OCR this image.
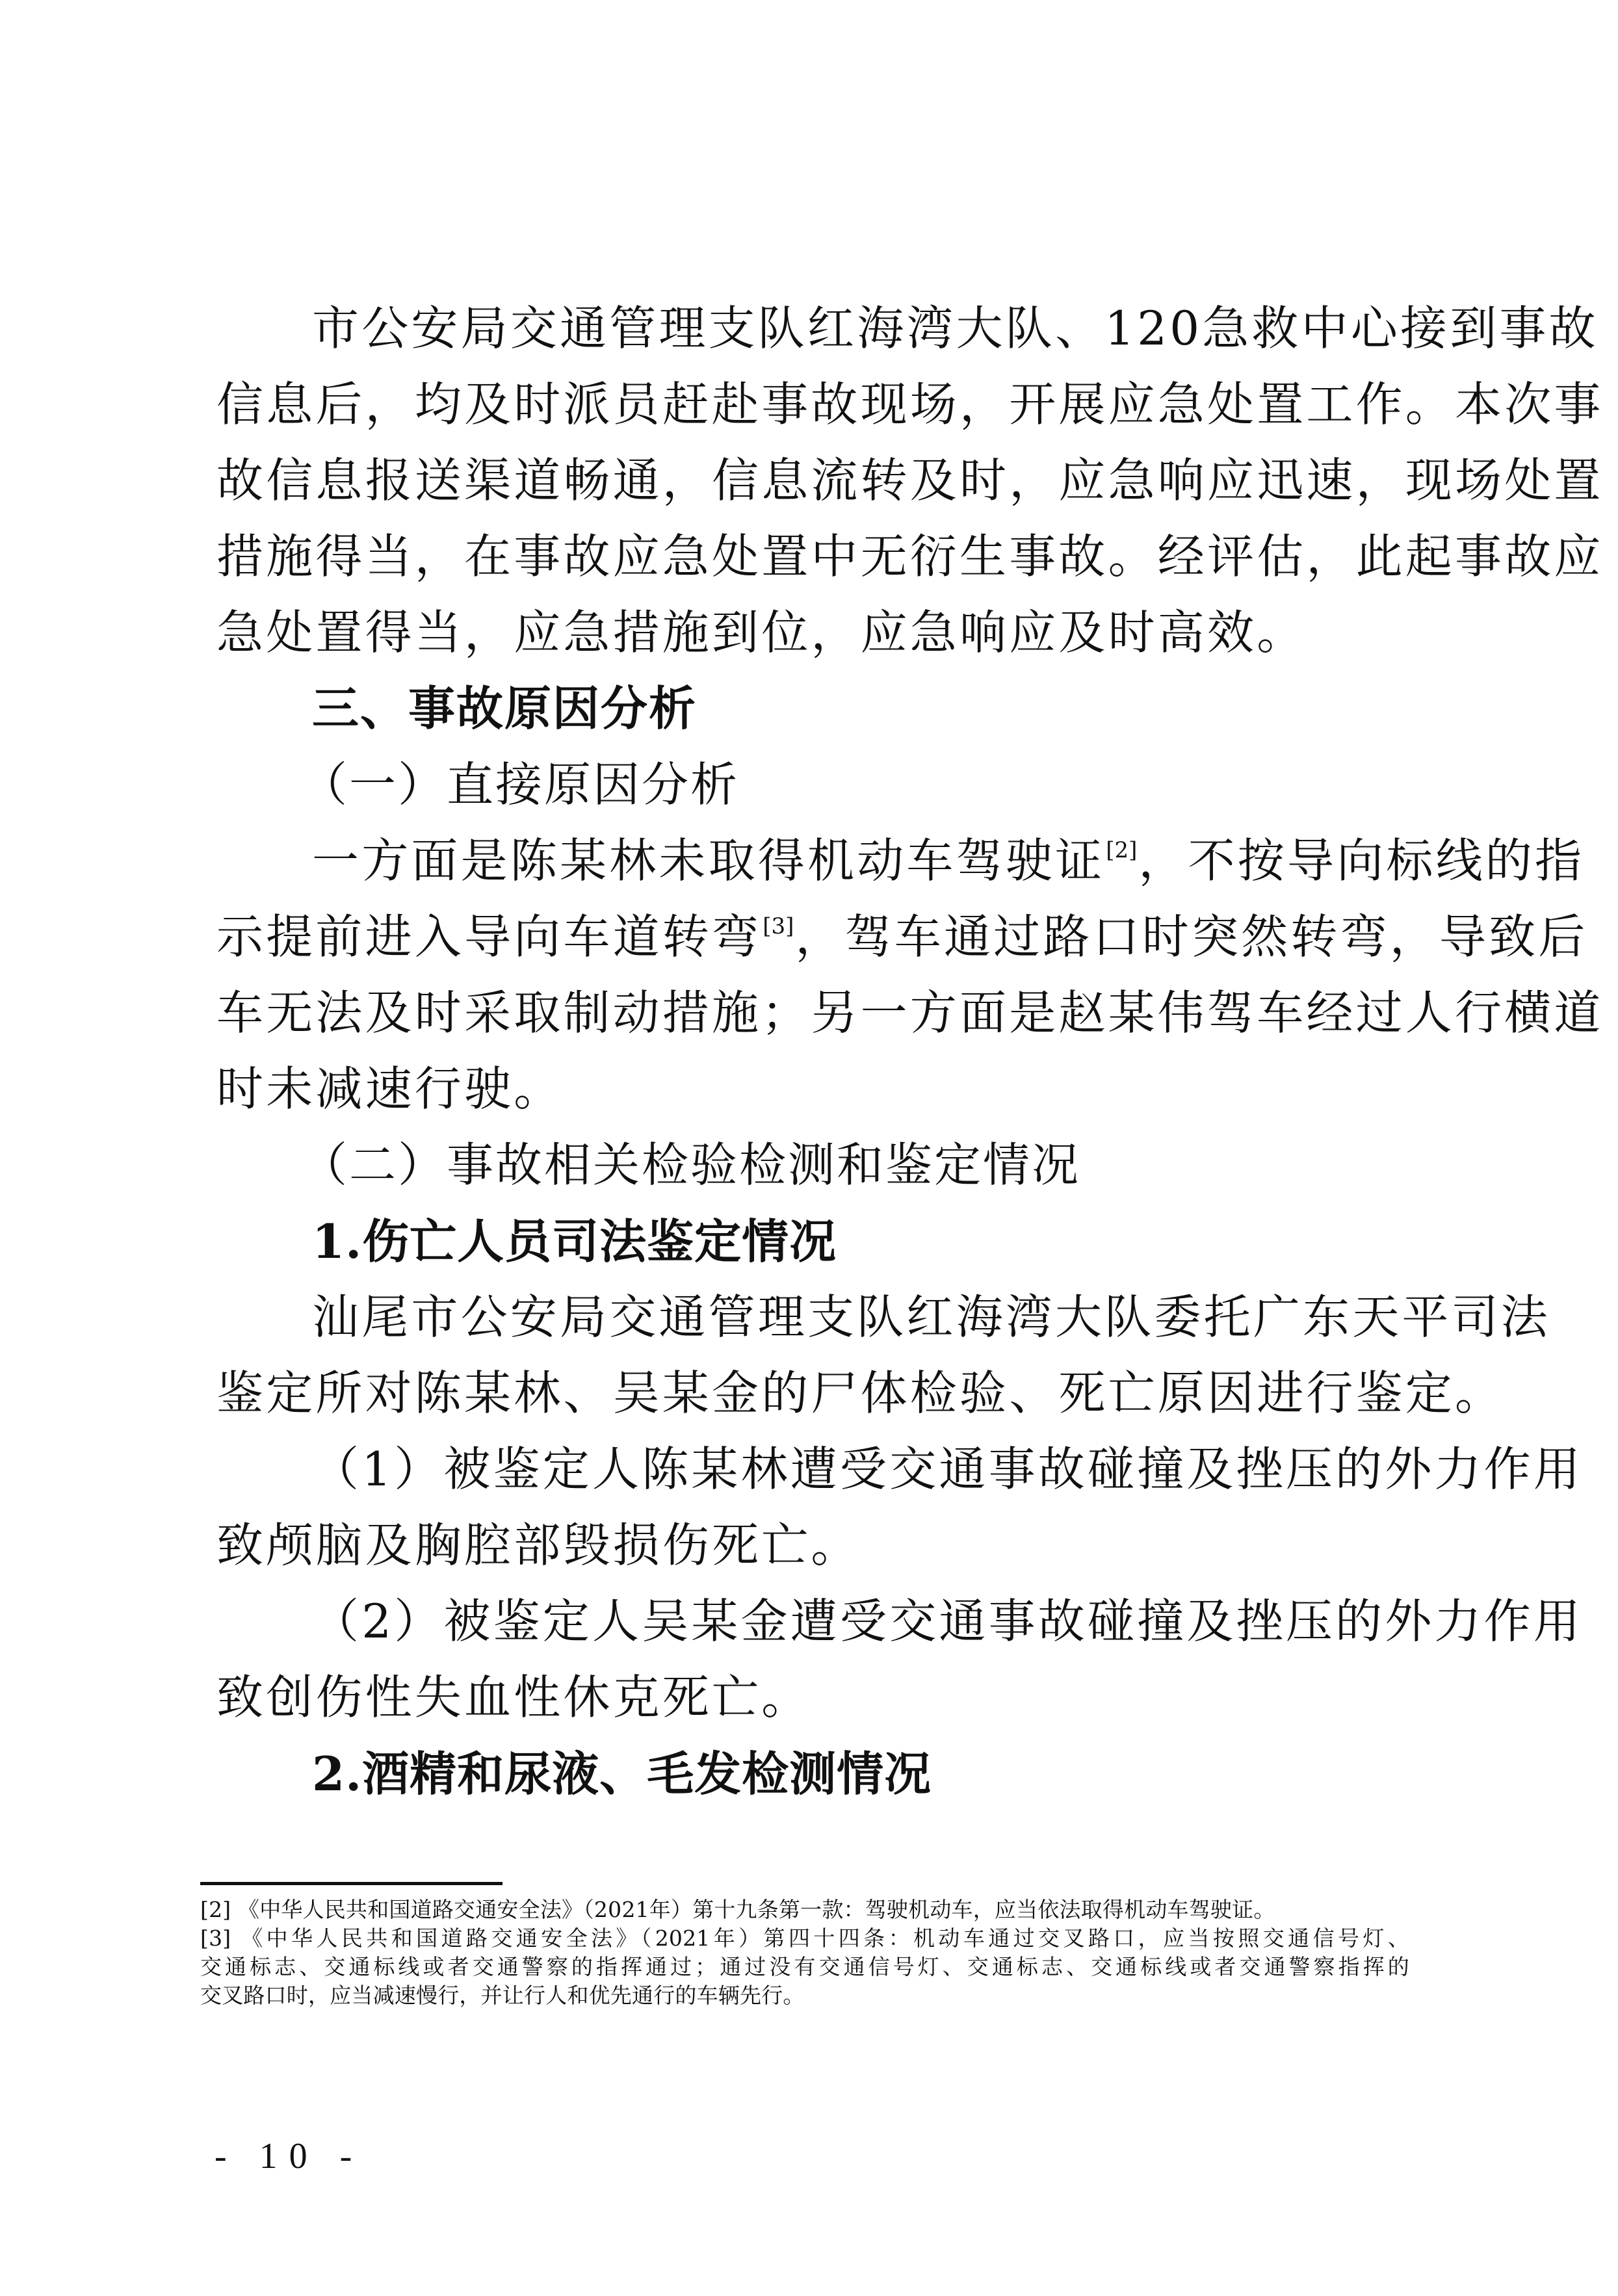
市公安局交通管理支队红海湾大队、120急救中心接到事故
信息后，均及时派员赶赴事故现场，开展应急处置工作。本次事
故信息报送渠道畅通，信息流转及时，应急响应迅速，现场处置
措施得当，在事故应急处置中无衍生事故。经评估，此起事故应
急处置得当，应急措施到位，应急响应及时高效。
三、事故原因分析
（一）直接原因分析
一方面是陈某林未取得机动车驾驶证[2]，不按导向标线的指
示提前进入导向车道转弯[3]，驾车通过路口时突然转弯，导致后
车无法及时采取制动措施；另一方面是赵某伟驾车经过人行横道
时未减速行驶。
（二）事故相关检验检测和鉴定情况
1.伤亡人员司法鉴定情况
汕尾市公安局交通管理支队红海湾大队委托广东天平司法
鉴定所对陈某林、吴某金的尸体检验、死亡原因进行鉴定。
（1）被鉴定人陈某林遭受交通事故碰撞及挫压的外力作用
致颅脑及胸腔部毁损伤死亡。
（2）被鉴定人吴某金遭受交通事故碰撞及挫压的外力作用
致创伤性失血性休克死亡。
2.酒精和尿液、毛发检测情况
[2] 《中华人民共和国道路交通安全法》（2021年）第十九条第一款：驾驶机动车，应当依法取得机动车驾驶证。
[3] 《中华人民共和国道路交通安全法》（2021年）第四十四条：机动车通过交叉路口，应当按照交通信号灯、
交通标志、交通标线或者交通警察的指挥通过；通过没有交通信号灯、交通标志、交通标线或者交通警察指挥的
交叉路口时，应当减速慢行，并让行人和优先通行的车辆先行。
- 10 -
